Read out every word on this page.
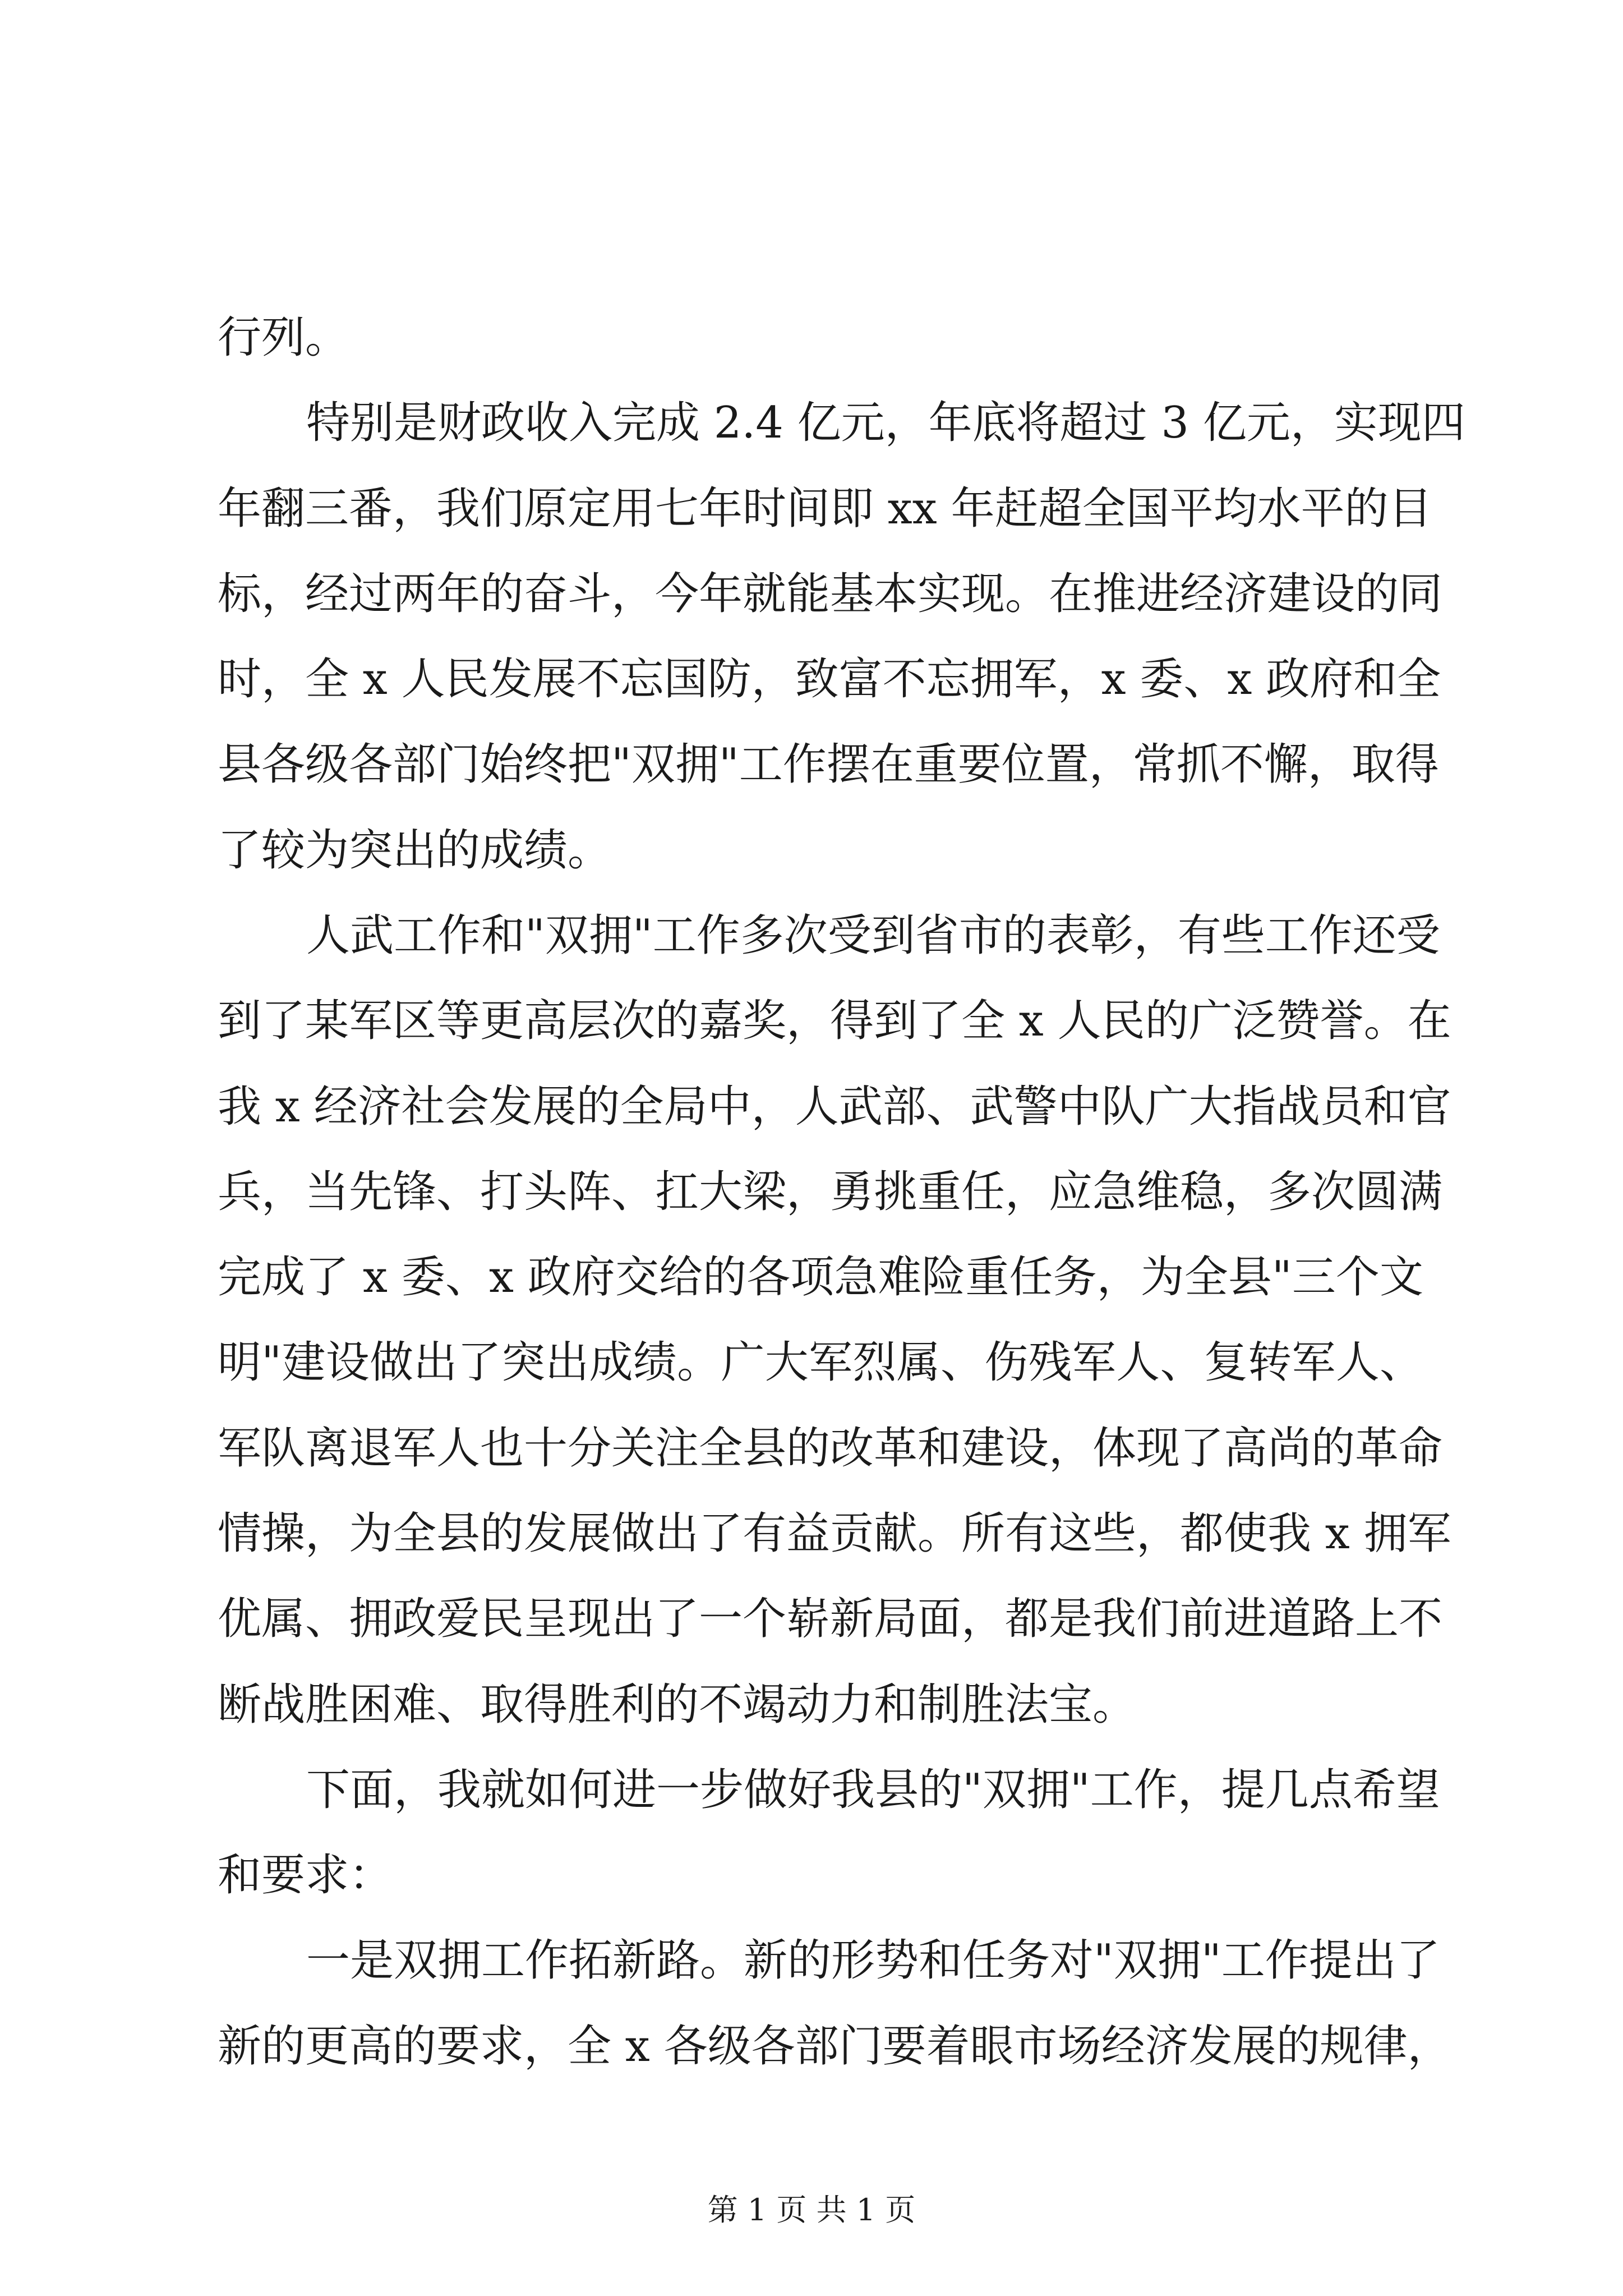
行列。
特别是财政收入完成 2.4 亿元，年底将超过 3 亿元，实现四
年翻三番，我们原定用七年时间即 xx 年赶超全国平均水平的目
标，经过两年的奋斗，今年就能基本实现。在推进经济建设的同
时，全 x 人民发展不忘国防，致富不忘拥军，x 委、x 政府和全
县各级各部门始终把"双拥"工作摆在重要位置，常抓不懈，取得
了较为突出的成绩。
人武工作和"双拥"工作多次受到省市的表彰，有些工作还受
到了某军区等更高层次的嘉奖，得到了全 x 人民的广泛赞誉。在
我 x 经济社会发展的全局中，人武部、武警中队广大指战员和官
兵，当先锋、打头阵、扛大梁，勇挑重任，应急维稳，多次圆满
完成了 x 委、x 政府交给的各项急难险重任务，为全县"三个文
明"建设做出了突出成绩。广大军烈属、伤残军人、复转军人、
军队离退军人也十分关注全县的改革和建设，体现了高尚的革命
情操，为全县的发展做出了有益贡献。所有这些，都使我 x 拥军
优属、拥政爱民呈现出了一个崭新局面，都是我们前进道路上不
断战胜困难、取得胜利的不竭动力和制胜法宝。
下面，我就如何进一步做好我县的"双拥"工作，提几点希望
和要求：
一是双拥工作拓新路。新的形势和任务对"双拥"工作提出了
新的更高的要求，全 x 各级各部门要着眼市场经济发展的规律，
第 1 页 共 1 页
